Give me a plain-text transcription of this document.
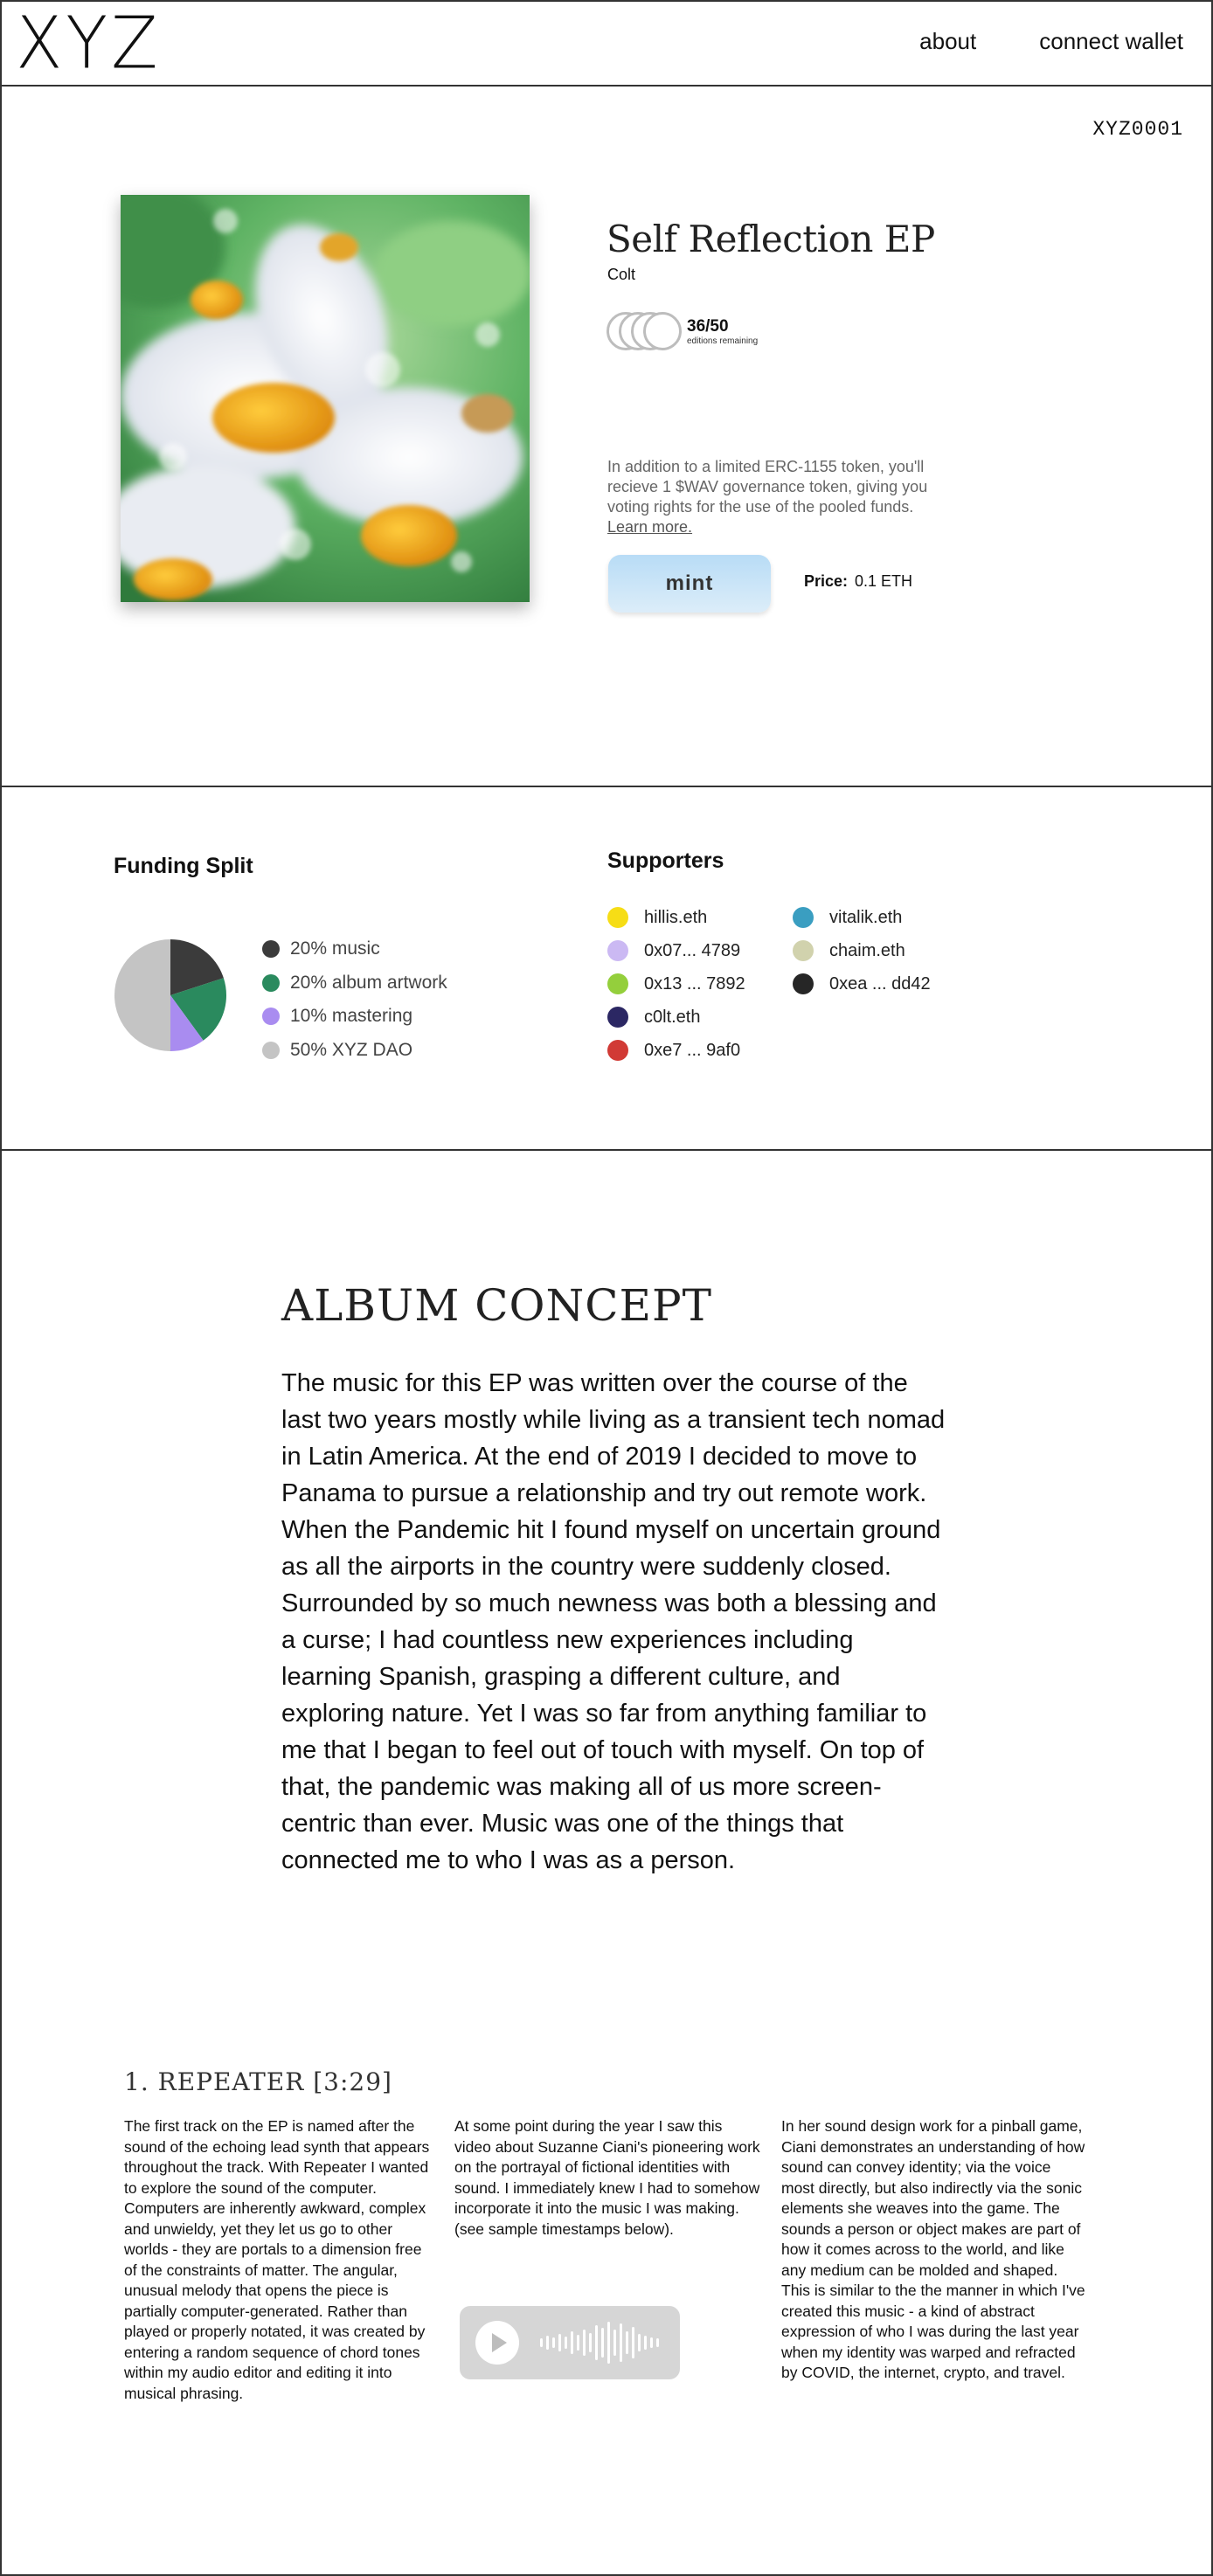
XYZ	about	connect wallet
XYZ0001
Self Reflection EP
Colt
36/50
editions remaining
In addition to a limited ERC-1155 token, you'll recieve 1 $WAV governance token, giving you voting rights for the use of the pooled funds. Learn more.
mint	Price: 0.1 ETH
Funding Split
20% music
20% album artwork
10% mastering
50% XYZ DAO
Supporters
hillis.eth
0x07... 4789
0x13 ... 7892
c0lt.eth
0xe7 ... 9af0
vitalik.eth
chaim.eth
0xea ... dd42
ALBUM CONCEPT
The music for this EP was written over the course of the last two years mostly while living as a transient tech nomad in Latin America. At the end of 2019 I decided to move to Panama to pursue a relationship and try out remote work. When the Pandemic hit I found myself on uncertain ground as all the airports in the country were suddenly closed. Surrounded by so much newness was both a blessing and a curse; I had countless new experiences including learning Spanish, grasping a different culture, and exploring nature. Yet I was so far from anything familiar to me that I began to feel out of touch with myself. On top of that, the pandemic was making all of us more screen-centric than ever. Music was one of the things that connected me to who I was as a person.
1. REPEATER [3:29]
The first track on the EP is named after the sound of the echoing lead synth that appears throughout the track. With Repeater I wanted to explore the sound of the computer. Computers are inherently awkward, complex and unwieldy, yet they let us go to other worlds - they are portals to a dimension free of the constraints of matter. The angular, unusual melody that opens the piece is partially computer-generated. Rather than played or properly notated, it was created by entering a random sequence of chord tones within my audio editor and editing it into musical phrasing.
At some point during the year I saw this video about Suzanne Ciani's pioneering work on the portrayal of fictional identities with sound. I immediately knew I had to somehow incorporate it into the music I was making. (see sample timestamps below).
In her sound design work for a pinball game, Ciani demonstrates an understanding of how sound can convey identity; via the voice most directly, but also indirectly via the sonic elements she weaves into the game. The sounds a person or object makes are part of how it comes across to the world, and like any medium can be molded and shaped. This is similar to the the manner in which I've created this music - a kind of abstract expression of who I was during the last year when my identity was warped and refracted by COVID, the internet, crypto, and travel.
